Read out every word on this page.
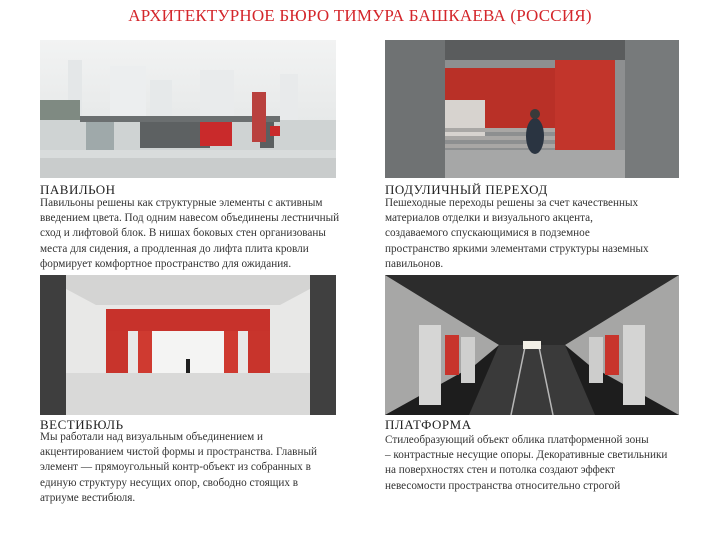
АРХИТЕКТУРНОЕ БЮРО ТИМУРА БАШКАЕВА (РОССИЯ)
ПАВИЛЬОН
Павильоны решены как структурные элементы с активным
введением цвета. Под одним навесом объединены лестничный
сход и лифтовой блок. В нишах боковых стен организованы
места для сидения, а продленная до лифта плита кровли
формирует комфортное пространство для ожидания.
ПОДУЛИЧНЫЙ ПЕРЕХОД
Пешеходные переходы решены за счет качественных
материалов отделки и визуального акцента,
создаваемого спускающимися в подземное
пространство яркими элементами структуры наземных
павильонов.
ВЕСТИБЮЛЬ
Мы работали над визуальным объединением и
акцентированием чистой формы и пространства. Главный
элемент — прямоугольный контр-объект из собранных в
единую структуру несущих опор, свободно стоящих в
атриуме вестибюля.
ПЛАТФОРМА
Стилеобразующий объект облика платформенной зоны
– контрастные несущие опоры. Декоративные светильники
на поверхностях стен и потолка создают эффект
невесомости пространства относительно строгой
